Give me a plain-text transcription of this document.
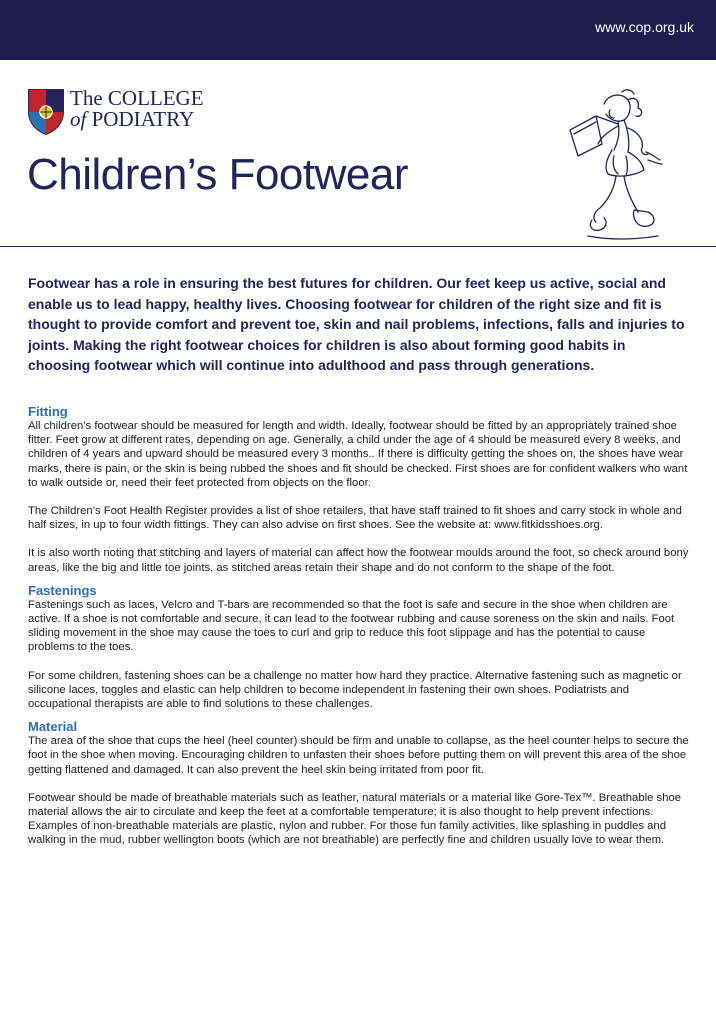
www.cop.org.uk
The COLLEGE
of PODIATRY
Children’s Footwear

Footwear has a role in ensuring the best futures for children. Our feet keep us active, social and enable us to lead happy, healthy lives. Choosing footwear for children of the right size and fit is thought to provide comfort and prevent toe, skin and nail problems, infections, falls and injuries to joints. Making the right footwear choices for children is also about forming good habits in choosing footwear which will continue into adulthood and pass through generations.

Fitting

All children’s footwear should be measured for length and width. Ideally, footwear should be fitted by an appropriately trained shoe fitter. Feet grow at different rates, depending on age. Generally, a child under the age of 4 should be measured every 8 weeks, and children of 4 years and upward should be measured every 3 months.. If there is difficulty getting the shoes on, the shoes have wear marks, there is pain, or the skin is being rubbed the shoes and fit should be checked. First shoes are for confident walkers who want to walk outside or, need their feet protected from objects on the floor.

The Children’s Foot Health Register provides a list of shoe retailers, that have staff trained to fit shoes and carry stock in whole and half sizes, in up to four width fittings. They can also advise on first shoes. See the website at: www.fitkidsshoes.org.

It is also worth noting that stitching and layers of material can affect how the footwear moulds around the foot, so check around bony areas, like the big and little toe joints, as stitched areas retain their shape and do not conform to the shape of the foot.

Fastenings

Fastenings such as laces, Velcro and T-bars are recommended so that the foot is safe and secure in the shoe when children are active. If a shoe is not comfortable and secure, it can lead to the footwear rubbing and cause soreness on the skin and nails. Foot sliding movement in the shoe may cause the toes to curl and grip to reduce this foot slippage and has the potential to cause problems to the toes.

For some children, fastening shoes can be a challenge no matter how hard they practice. Alternative fastening such as magnetic or silicone laces, toggles and elastic can help children to become independent in fastening their own shoes. Podiatrists and occupational therapists are able to find solutions to these challenges.

Material

The area of the shoe that cups the heel (heel counter) should be firm and unable to collapse, as the heel counter helps to secure the foot in the shoe when moving. Encouraging children to unfasten their shoes before putting them on will prevent this area of the shoe getting flattened and damaged. It can also prevent the heel skin being irritated from poor fit.

Footwear should be made of breathable materials such as leather, natural materials or a material like Gore-Tex™. Breathable shoe material allows the air to circulate and keep the feet at a comfortable temperature; it is also thought to help prevent infections. Examples of non-breathable materials are plastic, nylon and rubber. For those fun family activities, like splashing in puddles and walking in the mud, rubber wellington boots (which are not breathable) are perfectly fine and children usually love to wear them.
